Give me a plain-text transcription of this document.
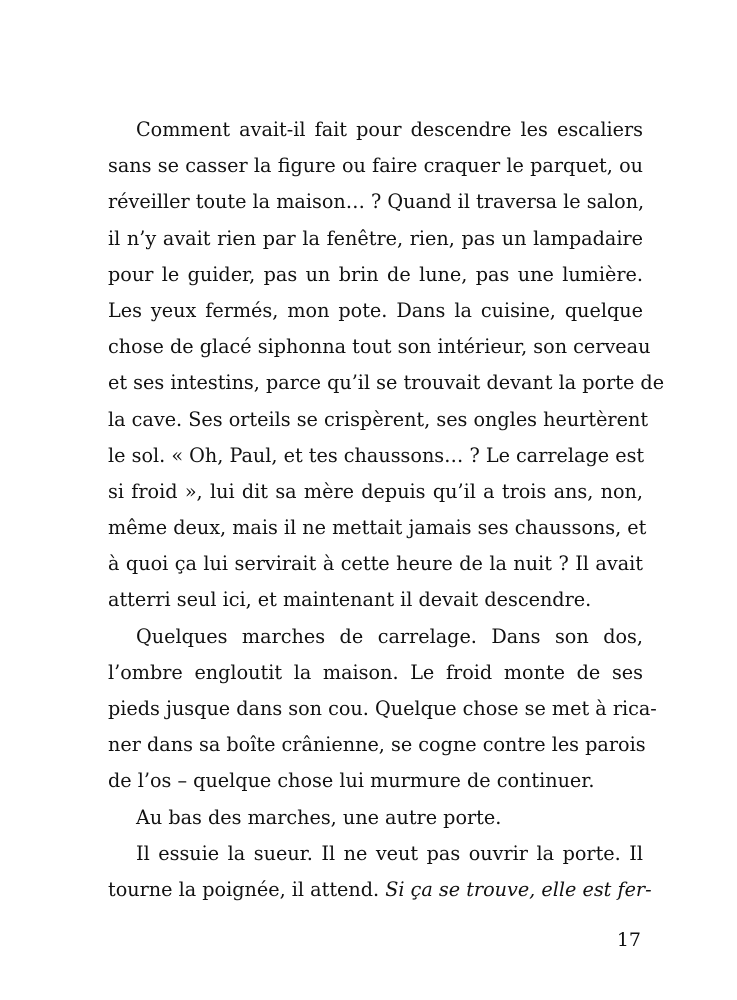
Comment avait-il fait pour descendre les escaliers
sans se casser la figure ou faire craquer le parquet, ou
réveiller toute la maison… ? Quand il traversa le salon,
il n’y avait rien par la fenêtre, rien, pas un lampadaire
pour le guider, pas un brin de lune, pas une lumière.
Les yeux fermés, mon pote. Dans la cuisine, quelque
chose de glacé siphonna tout son intérieur, son cerveau
et ses intestins, parce qu’il se trouvait devant la porte de
la cave. Ses orteils se crispèrent, ses ongles heurtèrent
le sol. « Oh, Paul, et tes chaussons… ? Le carrelage est
si froid », lui dit sa mère depuis qu’il a trois ans, non,
même deux, mais il ne mettait jamais ses chaussons, et
à quoi ça lui servirait à cette heure de la nuit ? Il avait
atterri seul ici, et maintenant il devait descendre.
Quelques marches de carrelage. Dans son dos,
l’ombre engloutit la maison. Le froid monte de ses
pieds jusque dans son cou. Quelque chose se met à rica-
ner dans sa boîte crânienne, se cogne contre les parois
de l’os – quelque chose lui murmure de continuer.
Au bas des marches, une autre porte.
Il essuie la sueur. Il ne veut pas ouvrir la porte. Il
tourne la poignée, il attend. Si ça se trouve, elle est fer-
17
